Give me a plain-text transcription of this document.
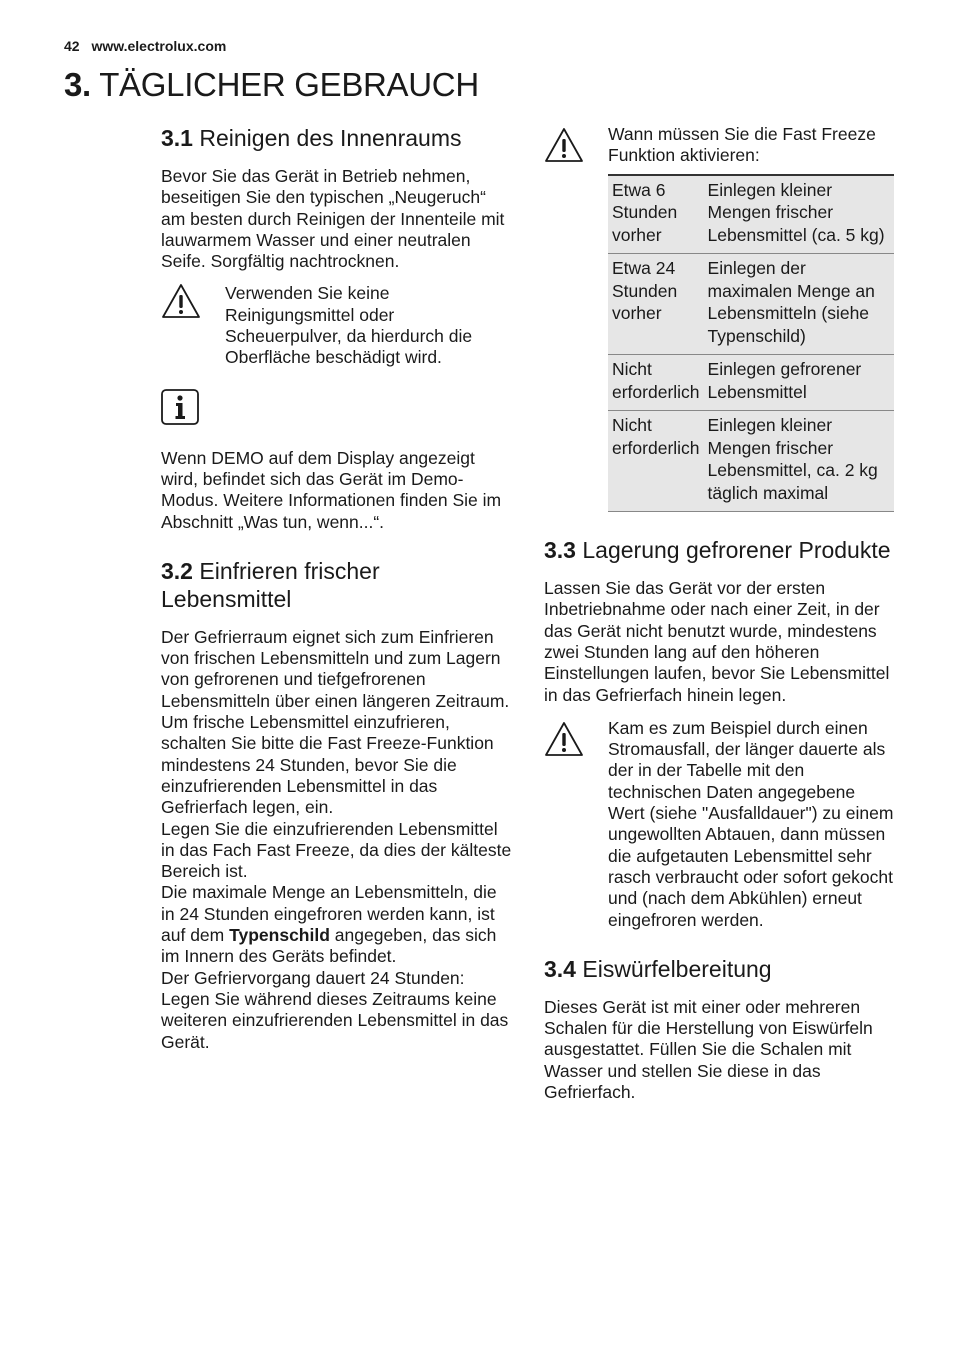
42 www.electrolux.com
3. TÄGLICHER GEBRAUCH
3.1 Reinigen des Innenraums

Bevor Sie das Gerät in Betrieb nehmen, beseitigen Sie den typischen „Neugeruch“ am besten durch Reinigen der Innenteile mit lauwarmem Wasser und einer neutralen Seife. Sorgfältig nachtrocknen.

Verwenden Sie keine Reinigungsmittel oder Scheuerpulver, da hierdurch die Oberfläche beschädigt wird.

Wenn DEMO auf dem Display angezeigt wird, befindet sich das Gerät im Demo-Modus. Weitere Informationen finden Sie im Abschnitt „Was tun, wenn...“.

3.2 Einfrieren frischer Lebensmittel

Der Gefrierraum eignet sich zum Einfrieren von frischen Lebensmitteln und zum Lagern von gefrorenen und tiefgefrorenen Lebensmitteln über einen längeren Zeitraum.

Um frische Lebensmittel einzufrieren, schalten Sie bitte die Fast Freeze-Funktion mindestens 24 Stunden, bevor Sie die einzufrierenden Lebensmittel in das Gefrierfach legen, ein.

Legen Sie die einzufrierenden Lebensmittel in das Fach Fast Freeze, da dies der kälteste Bereich ist.

Die maximale Menge an Lebensmitteln, die in 24 Stunden eingefroren werden kann, ist auf dem Typenschild angegeben, das sich im Innern des Geräts befindet.

Der Gefriervorgang dauert 24 Stunden: Legen Sie während dieses Zeitraums keine weiteren einzufrierenden Lebensmittel in das Gerät.

Wann müssen Sie die Fast Freeze Funktion aktivieren:

Etwa 6 Stunden vorher	Einlegen kleiner Mengen frischer Lebensmittel (ca. 5 kg)
Etwa 24 Stunden vorher	Einlegen der maximalen Menge an Lebensmitteln (siehe Typenschild)
Nicht erforderlich	Einlegen gefrorener Lebensmittel
Nicht erforderlich	Einlegen kleiner Mengen frischer Lebensmittel, ca. 2 kg täglich maximal
3.3 Lagerung gefrorener Produkte

Lassen Sie das Gerät vor der ersten Inbetriebnahme oder nach einer Zeit, in der das Gerät nicht benutzt wurde, mindestens zwei Stunden lang auf den höheren Einstellungen laufen, bevor Sie Lebensmittel in das Gefrierfach hinein legen.

Kam es zum Beispiel durch einen Stromausfall, der länger dauerte als der in der Tabelle mit den technischen Daten angegebene Wert (siehe "Ausfalldauer") zu einem ungewollten Abtauen, dann müssen die aufgetauten Lebensmittel sehr rasch verbraucht oder sofort gekocht und (nach dem Abkühlen) erneut eingefroren werden.

3.4 Eiswürfelbereitung

Dieses Gerät ist mit einer oder mehreren Schalen für die Herstellung von Eiswürfeln ausgestattet. Füllen Sie die Schalen mit Wasser und stellen Sie diese in das Gefrierfach.
